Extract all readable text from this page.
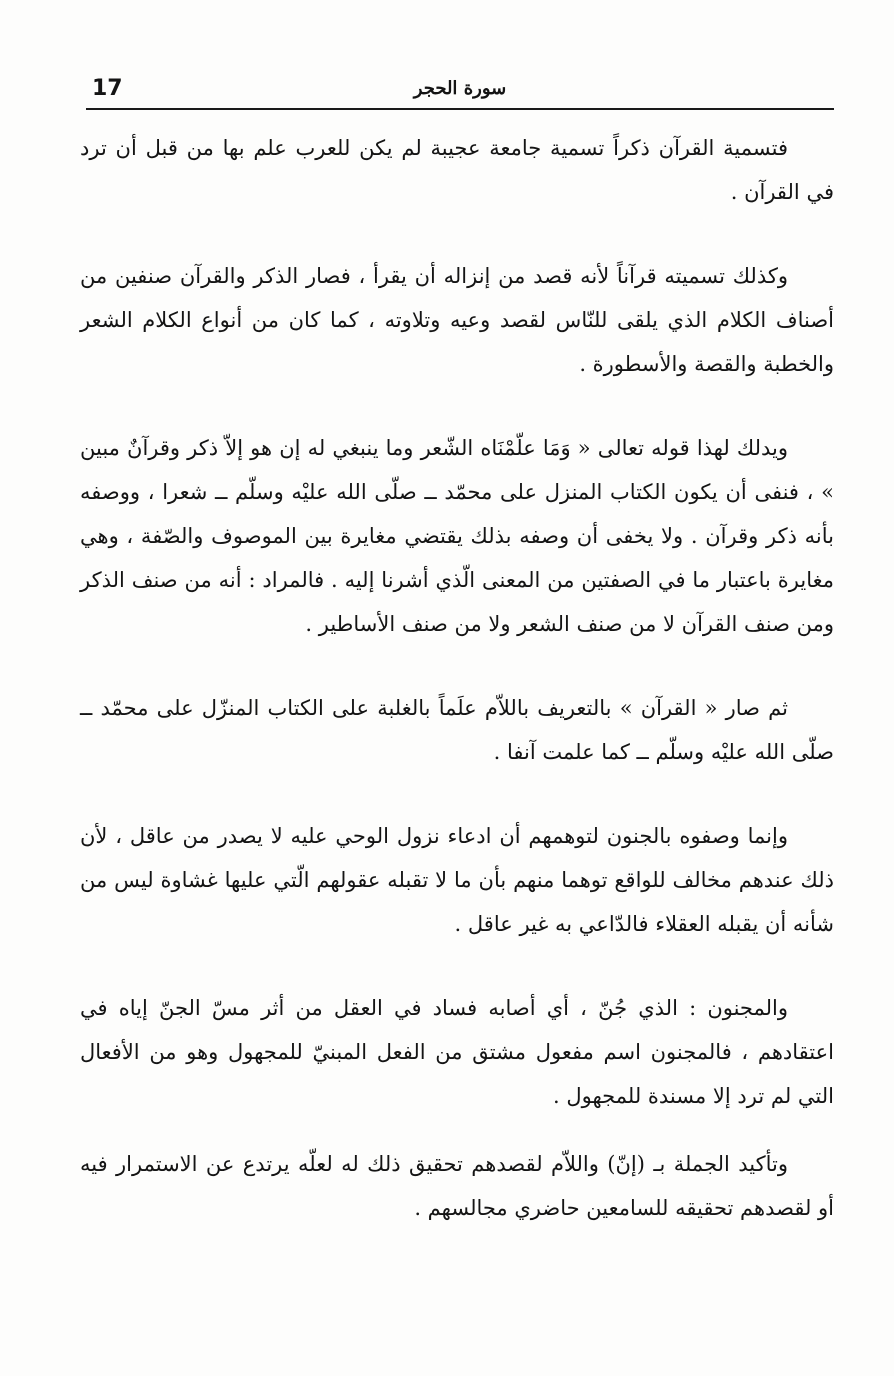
17	سورة الحجر

فتسمية القرآن ذكراً تسمية جامعة عجيبة لم يكن للعرب علم بها من قبل أن ترد في القرآن .

وكذلك تسميته قرآناً لأنه قصد من إنزاله أن يقرأ ، فصار الذكر والقرآن صنفين من أصناف الكلام الذي يلقى للنّاس لقصد وعيه وتلاوته ، كما كان من أنواع الكلام الشعر والخطبة والقصة والأسطورة .

ويدلك لهذا قوله تعالى « وَمَا علّمْنَاه الشّعر وما ينبغي له إن هو إلاّ ذكر وقرآنٌ مبين » ، فنفى أن يكون الكتاب المنزل على محمّد ــ صلّى الله عليْه وسلّم ــ شعرا ، ووصفه بأنه ذكر وقرآن . ولا يخفى أن وصفه بذلك يقتضي مغايرة بين الموصوف والصّفة ، وهي مغايرة باعتبار ما في الصفتين من المعنى الّذي أشرنا إليه . فالمراد : أنه من صنف الذكر ومن صنف القرآن لا من صنف الشعر ولا من صنف الأساطير .

ثم صار « القرآن » بالتعريف باللاّم علَماً بالغلبة على الكتاب المنزّل على محمّد ــ صلّى الله عليْه وسلّم ــ كما علمت آنفا .

وإنما وصفوه بالجنون لتوهمهم أن ادعاء نزول الوحي عليه لا يصدر من عاقل ، لأن ذلك عندهم مخالف للواقع توهما منهم بأن ما لا تقبله عقولهم الّتي عليها غشاوة ليس من شأنه أن يقبله العقلاء فالدّاعي به غير عاقل .

والمجنون : الذي جُنّ ، أي أصابه فساد في العقل من أثر مسّ الجنّ إياه في اعتقادهم ، فالمجنون اسم مفعول مشتق من الفعل المبنيّ للمجهول وهو من الأفعال التي لم ترد إلا مسندة للمجهول .

وتأكيد الجملة بـ (إنّ) واللاّم لقصدهم تحقيق ذلك له لعلّه يرتدع عن الاستمرار فيه أو لقصدهم تحقيقه للسامعين حاضري مجالسهم .
